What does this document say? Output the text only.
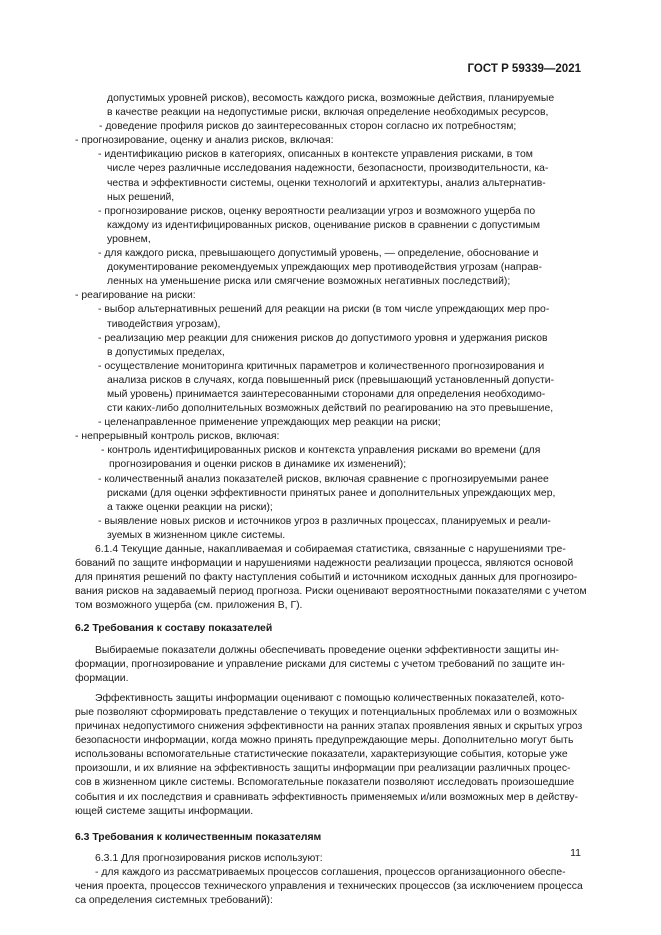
ГОСТ Р 59339—2021
допустимых уровней рисков), весомость каждого риска, возможные действия, планируемые
в качестве реакции на недопустимые риски, включая определение необходимых ресурсов,
- доведение профиля рисков до заинтересованных сторон согласно их потребностям;
- прогнозирование, оценку и анализ рисков, включая:
- идентификацию рисков в категориях, описанных в контексте управления рисками, в том
числе через различные исследования надежности, безопасности, производительности, ка-
чества и эффективности системы, оценки технологий и архитектуры, анализ альтернатив-
ных решений,
- прогнозирование рисков, оценку вероятности реализации угроз и возможного ущерба по
каждому из идентифицированных рисков, оценивание рисков в сравнении с допустимым
уровнем,
- для каждого риска, превышающего допустимый уровень, — определение, обоснование и
документирование рекомендуемых упреждающих мер противодействия угрозам (направ-
ленных на уменьшение риска или смягчение возможных негативных последствий);
- реагирование на риски:
- выбор альтернативных решений для реакции на риски (в том числе упреждающих мер про-
тиводействия угрозам),
- реализацию мер реакции для снижения рисков до допустимого уровня и удержания рисков
в допустимых пределах,
- осуществление мониторинга критичных параметров и количественного прогнозирования и
анализа рисков в случаях, когда повышенный риск (превышающий установленный допусти-
мый уровень) принимается заинтересованными сторонами для определения необходимо-
сти каких-либо дополнительных возможных действий по реагированию на это превышение,
- целенаправленное применение упреждающих мер реакции на риски;
- непрерывный контроль рисков, включая:
- контроль идентифицированных рисков и контекста управления рисками во времени (для
прогнозирования и оценки рисков в динамике их изменений);
- количественный анализ показателей рисков, включая сравнение с прогнозируемыми ранее
рисками (для оценки эффективности принятых ранее и дополнительных упреждающих мер,
а также оценки реакции на риски);
- выявление новых рисков и источников угроз в различных процессах, планируемых и реали-
зуемых в жизненном цикле системы.
6.1.4 Текущие данные, накапливаемая и собираемая статистика, связанные с нарушениями тре-
бований по защите информации и нарушениями надежности реализации процесса, являются основой
для принятия решений по факту наступления событий и источником исходных данных для прогнозиро-
вания рисков на задаваемый период прогноза. Риски оценивают вероятностными показателями с учетом
том возможного ущерба (см. приложения В, Г).
6.2 Требования к составу показателей
Выбираемые показатели должны обеспечивать проведение оценки эффективности защиты ин-
формации, прогнозирование и управление рисками для системы с учетом требований по защите ин-
формации.
Эффективность защиты информации оценивают с помощью количественных показателей, кото-
рые позволяют сформировать представление о текущих и потенциальных проблемах или о возможных
причинах недопустимого снижения эффективности на ранних этапах проявления явных и скрытых угроз
безопасности информации, когда можно принять предупреждающие меры. Дополнительно могут быть
использованы вспомогательные статистические показатели, характеризующие события, которые уже
произошли, и их влияние на эффективность защиты информации при реализации различных процес-
сов в жизненном цикле системы. Вспомогательные показатели позволяют исследовать произошедшие
события и их последствия и сравнивать эффективность применяемых и/или возможных мер в действу-
ющей системе защиты информации.
6.3 Требования к количественным показателям
6.3.1 Для прогнозирования рисков используют:
- для каждого из рассматриваемых процессов соглашения, процессов организационного обеспе-
чения проекта, процессов технического управления и технических процессов (за исключением процесса
са определения системных требований):
11
